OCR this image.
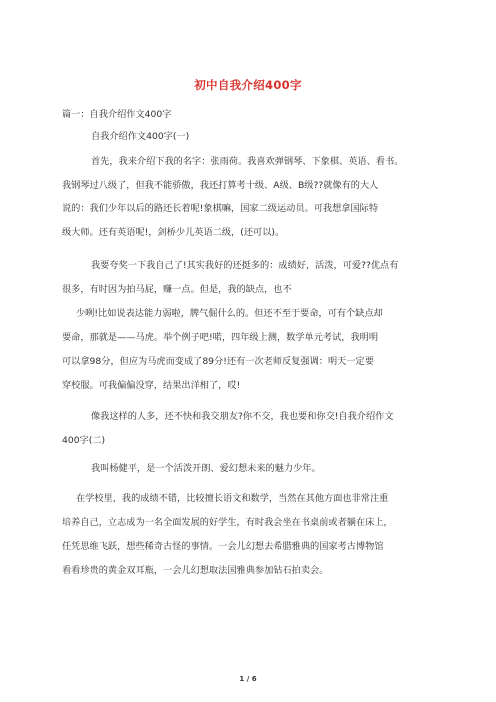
初中自我介绍400字
篇一：自我介绍作文400字
自我介绍作文400字(一)
首先，我来介绍下我的名字：张雨荷。我喜欢弹钢琴、下象棋、英语、看书。
我钢琴过八级了，但我不能骄傲，我还打算考十级、A级、B级??就像有的大人
说的：我们少年以后的路还长着呢!象棋嘛，国家二级运动员。可我想拿国际特
级大师。还有英语呢!，剑桥少儿英语二级，(还可以)。
我要夸奖一下我自己了!其实我好的还挺多的：成绩好，活泼，可爱??优点有
很多，有时因为拍马屁，赚一点。但是，我的缺点，也不
少咧!比如说表达能力弱啦，脾气倔什么的。但还不至于要命，可有个缺点却
要命，那就是——马虎。举个例子吧!喏，四年级上测，数学单元考试，我明明
可以拿98分，但应为马虎而变成了89分!还有一次老师反复强调：明天一定要
穿校服。可我偏偏没穿，结果出洋相了，哎!
像我这样的人多，还不快和我交朋友?你不交，我也要和你交!自我介绍作文
400字(二)
我叫杨健平，是一个活泼开朗、爱幻想未来的魅力少年。
在学校里，我的成绩不错，比较擅长语文和数学，当然在其他方面也非常注重
培养自己，立志成为一名全面发展的好学生，有时我会坐在书桌前或者躺在床上，
任凭思维飞跃，想些稀奇古怪的事情。一会儿幻想去希腊雅典的国家考古博物馆
看看珍贵的黄金双耳瓶，一会儿幻想取法国雅典参加钻石拍卖会。
1 / 6
